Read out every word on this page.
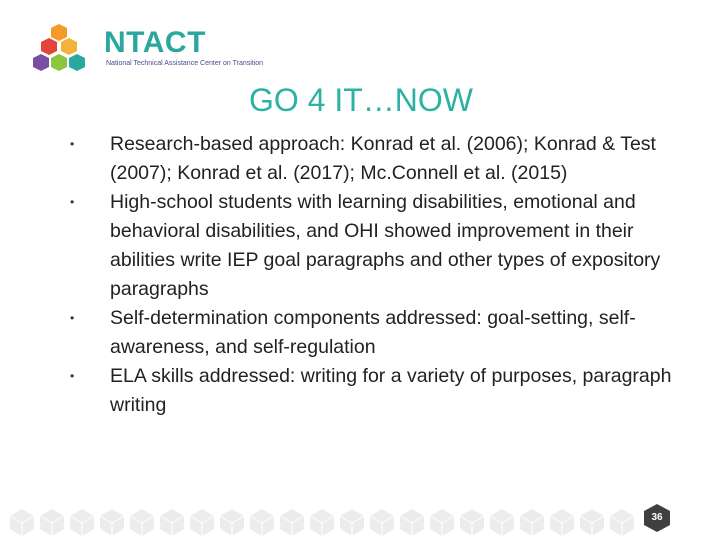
NTACT
National Technical Assistance Center on Transition
GO 4 IT…NOW
• Research-based approach: Konrad et al. (2006); Konrad & Test (2007); Konrad et al. (2017); Mc.Connell et al. (2015)
• High-school students with learning disabilities, emotional and behavioral disabilities, and OHI showed improvement in their abilities write IEP goal paragraphs and other types of expository paragraphs
• Self-determination components addressed: goal-setting, self-awareness, and self-regulation
• ELA skills addressed: writing for a variety of purposes, paragraph writing
36
